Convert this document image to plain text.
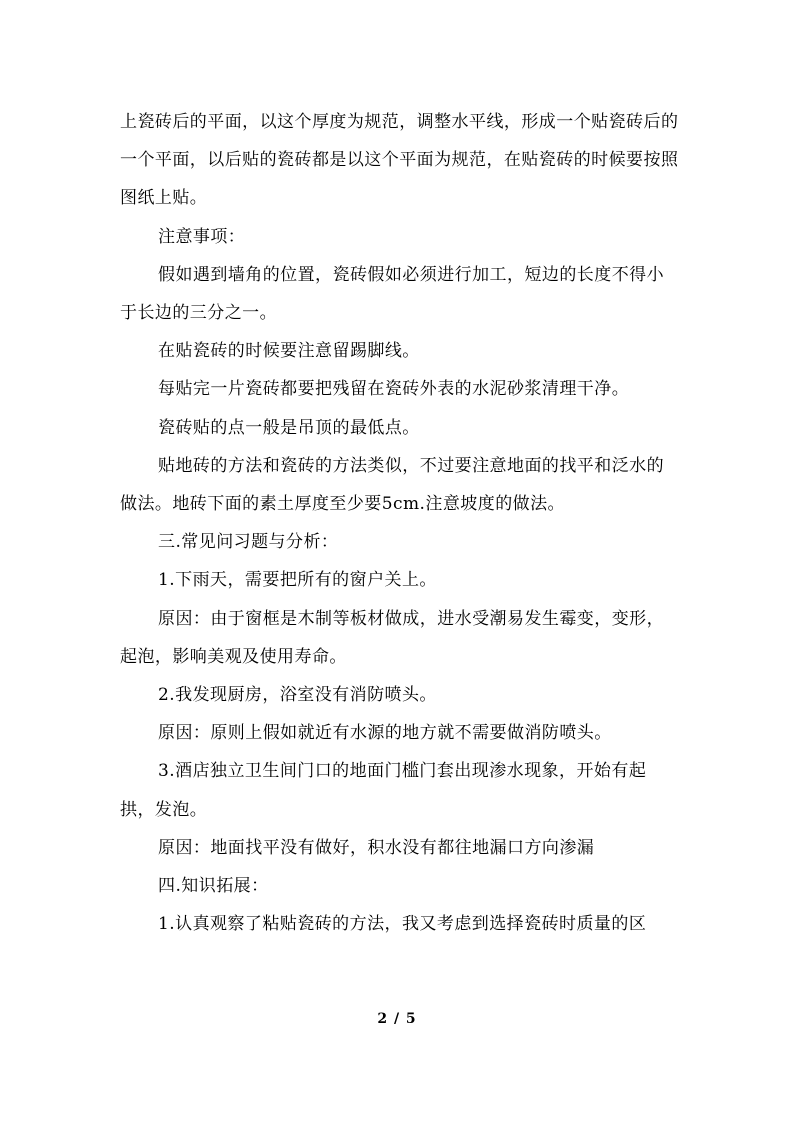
上瓷砖后的平面，以这个厚度为规范，调整水平线，形成一个贴瓷砖后的一个平面，以后贴的瓷砖都是以这个平面为规范，在贴瓷砖的时候要按照图纸上贴。

注意事项：

假如遇到墙角的位置，瓷砖假如必须进行加工，短边的长度不得小于长边的三分之一。

在贴瓷砖的时候要注意留踢脚线。

每贴完一片瓷砖都要把残留在瓷砖外表的水泥砂浆清理干净。

瓷砖贴的点一般是吊顶的最低点。

贴地砖的方法和瓷砖的方法类似，不过要注意地面的找平和泛水的做法。地砖下面的素土厚度至少要5cm.注意坡度的做法。

三.常见问习题与分析：

1.下雨天，需要把所有的窗户关上。

原因：由于窗框是木制等板材做成，进水受潮易发生霉变，变形，起泡，影响美观及使用寿命。

2.我发现厨房，浴室没有消防喷头。

原因：原则上假如就近有水源的地方就不需要做消防喷头。

3.酒店独立卫生间门口的地面门槛门套出现渗水现象，开始有起拱，发泡。

原因：地面找平没有做好，积水没有都往地漏口方向渗漏

四.知识拓展：

1.认真观察了粘贴瓷砖的方法，我又考虑到选择瓷砖时质量的区

2 / 5
